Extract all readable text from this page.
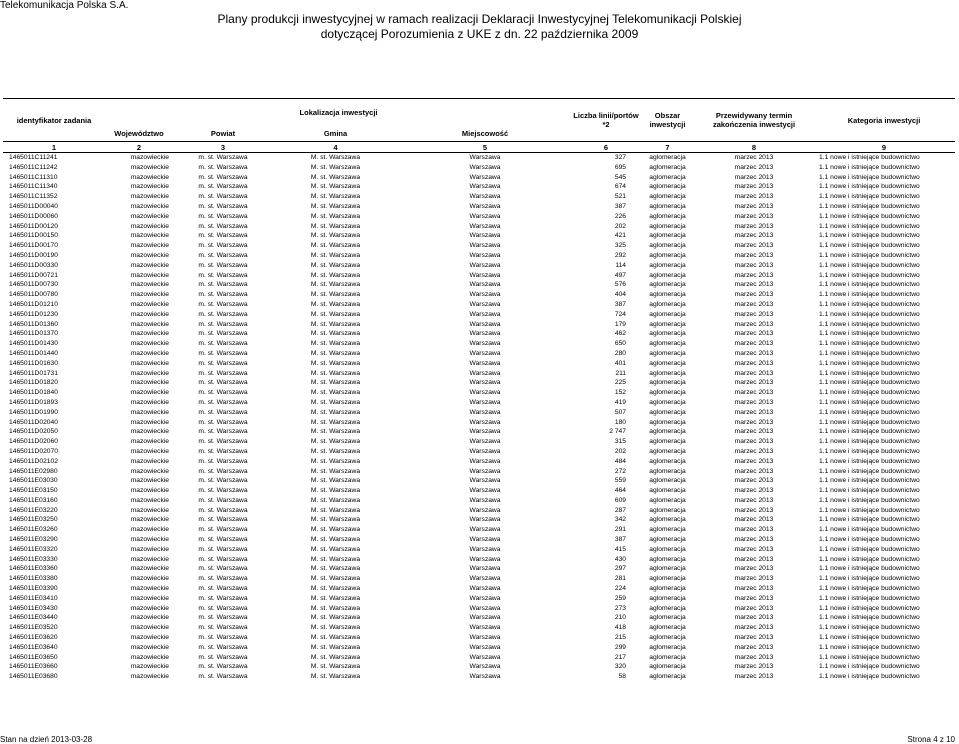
Telekomunikacja Polska S.A.
Plany produkcji inwestycyjnej w ramach realizacji Deklaracji Inwestycyjnej Telekomunikacji Polskiej
dotyczącej Porozumienia z UKE z dn. 22 października 2009
identyfikator zadania	Lokalizacja inwestycji				Liczba linii/portów *2	Obszar inwestycji	Przewidywany termin zakończenia inwestycji	Kategoria inwestycji
	Województwo	Powiat	Gmina	Miejscowość				
1	2	3	4	5	6	7	8	9
1465011C11241	mazowieckie	m. st. Warszawa	M. st. Warszawa	Warszawa	327	aglomeracja	marzec 2013	1.1 nowe i istniejące budownictwo
1465011C11242	mazowieckie	m. st. Warszawa	M. st. Warszawa	Warszawa	695	aglomeracja	marzec 2013	1.1 nowe i istniejące budownictwo
1465011C11310	mazowieckie	m. st. Warszawa	M. st. Warszawa	Warszawa	545	aglomeracja	marzec 2013	1.1 nowe i istniejące budownictwo
1465011C11340	mazowieckie	m. st. Warszawa	M. st. Warszawa	Warszawa	674	aglomeracja	marzec 2013	1.1 nowe i istniejące budownictwo
1465011C11352	mazowieckie	m. st. Warszawa	M. st. Warszawa	Warszawa	521	aglomeracja	marzec 2013	1.1 nowe i istniejące budownictwo
1465011D00040	mazowieckie	m. st. Warszawa	M. st. Warszawa	Warszawa	387	aglomeracja	marzec 2013	1.1 nowe i istniejące budownictwo
1465011D00060	mazowieckie	m. st. Warszawa	M. st. Warszawa	Warszawa	226	aglomeracja	marzec 2013	1.1 nowe i istniejące budownictwo
1465011D00120	mazowieckie	m. st. Warszawa	M. st. Warszawa	Warszawa	202	aglomeracja	marzec 2013	1.1 nowe i istniejące budownictwo
1465011D00150	mazowieckie	m. st. Warszawa	M. st. Warszawa	Warszawa	421	aglomeracja	marzec 2013	1.1 nowe i istniejące budownictwo
1465011D00170	mazowieckie	m. st. Warszawa	M. st. Warszawa	Warszawa	325	aglomeracja	marzec 2013	1.1 nowe i istniejące budownictwo
1465011D00190	mazowieckie	m. st. Warszawa	M. st. Warszawa	Warszawa	292	aglomeracja	marzec 2013	1.1 nowe i istniejące budownictwo
1465011D00330	mazowieckie	m. st. Warszawa	M. st. Warszawa	Warszawa	114	aglomeracja	marzec 2013	1.1 nowe i istniejące budownictwo
1465011D00721	mazowieckie	m. st. Warszawa	M. st. Warszawa	Warszawa	497	aglomeracja	marzec 2013	1.1 nowe i istniejące budownictwo
1465011D00730	mazowieckie	m. st. Warszawa	M. st. Warszawa	Warszawa	576	aglomeracja	marzec 2013	1.1 nowe i istniejące budownictwo
1465011D00780	mazowieckie	m. st. Warszawa	M. st. Warszawa	Warszawa	404	aglomeracja	marzec 2013	1.1 nowe i istniejące budownictwo
1465011D01210	mazowieckie	m. st. Warszawa	M. st. Warszawa	Warszawa	387	aglomeracja	marzec 2013	1.1 nowe i istniejące budownictwo
1465011D01230	mazowieckie	m. st. Warszawa	M. st. Warszawa	Warszawa	724	aglomeracja	marzec 2013	1.1 nowe i istniejące budownictwo
1465011D01360	mazowieckie	m. st. Warszawa	M. st. Warszawa	Warszawa	179	aglomeracja	marzec 2013	1.1 nowe i istniejące budownictwo
1465011D01370	mazowieckie	m. st. Warszawa	M. st. Warszawa	Warszawa	462	aglomeracja	marzec 2013	1.1 nowe i istniejące budownictwo
1465011D01430	mazowieckie	m. st. Warszawa	M. st. Warszawa	Warszawa	650	aglomeracja	marzec 2013	1.1 nowe i istniejące budownictwo
1465011D01440	mazowieckie	m. st. Warszawa	M. st. Warszawa	Warszawa	280	aglomeracja	marzec 2013	1.1 nowe i istniejące budownictwo
1465011D01630	mazowieckie	m. st. Warszawa	M. st. Warszawa	Warszawa	401	aglomeracja	marzec 2013	1.1 nowe i istniejące budownictwo
1465011D01731	mazowieckie	m. st. Warszawa	M. st. Warszawa	Warszawa	211	aglomeracja	marzec 2013	1.1 nowe i istniejące budownictwo
1465011D01820	mazowieckie	m. st. Warszawa	M. st. Warszawa	Warszawa	225	aglomeracja	marzec 2013	1.1 nowe i istniejące budownictwo
1465011D01840	mazowieckie	m. st. Warszawa	M. st. Warszawa	Warszawa	152	aglomeracja	marzec 2013	1.1 nowe i istniejące budownictwo
1465011D01893	mazowieckie	m. st. Warszawa	M. st. Warszawa	Warszawa	419	aglomeracja	marzec 2013	1.1 nowe i istniejące budownictwo
1465011D01990	mazowieckie	m. st. Warszawa	M. st. Warszawa	Warszawa	507	aglomeracja	marzec 2013	1.1 nowe i istniejące budownictwo
1465011D02040	mazowieckie	m. st. Warszawa	M. st. Warszawa	Warszawa	180	aglomeracja	marzec 2013	1.1 nowe i istniejące budownictwo
1465011D02050	mazowieckie	m. st. Warszawa	M. st. Warszawa	Warszawa	2 747	aglomeracja	marzec 2013	1.1 nowe i istniejące budownictwo
1465011D02060	mazowieckie	m. st. Warszawa	M. st. Warszawa	Warszawa	315	aglomeracja	marzec 2013	1.1 nowe i istniejące budownictwo
1465011D02070	mazowieckie	m. st. Warszawa	M. st. Warszawa	Warszawa	202	aglomeracja	marzec 2013	1.1 nowe i istniejące budownictwo
1465011D02102	mazowieckie	m. st. Warszawa	M. st. Warszawa	Warszawa	484	aglomeracja	marzec 2013	1.1 nowe i istniejące budownictwo
1465011E02980	mazowieckie	m. st. Warszawa	M. st. Warszawa	Warszawa	272	aglomeracja	marzec 2013	1.1 nowe i istniejące budownictwo
1465011E03030	mazowieckie	m. st. Warszawa	M. st. Warszawa	Warszawa	559	aglomeracja	marzec 2013	1.1 nowe i istniejące budownictwo
1465011E03150	mazowieckie	m. st. Warszawa	M. st. Warszawa	Warszawa	464	aglomeracja	marzec 2013	1.1 nowe i istniejące budownictwo
1465011E03160	mazowieckie	m. st. Warszawa	M. st. Warszawa	Warszawa	609	aglomeracja	marzec 2013	1.1 nowe i istniejące budownictwo
1465011E03220	mazowieckie	m. st. Warszawa	M. st. Warszawa	Warszawa	287	aglomeracja	marzec 2013	1.1 nowe i istniejące budownictwo
1465011E03250	mazowieckie	m. st. Warszawa	M. st. Warszawa	Warszawa	342	aglomeracja	marzec 2013	1.1 nowe i istniejące budownictwo
1465011E03260	mazowieckie	m. st. Warszawa	M. st. Warszawa	Warszawa	291	aglomeracja	marzec 2013	1.1 nowe i istniejące budownictwo
1465011E03290	mazowieckie	m. st. Warszawa	M. st. Warszawa	Warszawa	387	aglomeracja	marzec 2013	1.1 nowe i istniejące budownictwo
1465011E03320	mazowieckie	m. st. Warszawa	M. st. Warszawa	Warszawa	415	aglomeracja	marzec 2013	1.1 nowe i istniejące budownictwo
1465011E03330	mazowieckie	m. st. Warszawa	M. st. Warszawa	Warszawa	430	aglomeracja	marzec 2013	1.1 nowe i istniejące budownictwo
1465011E03360	mazowieckie	m. st. Warszawa	M. st. Warszawa	Warszawa	297	aglomeracja	marzec 2013	1.1 nowe i istniejące budownictwo
1465011E03380	mazowieckie	m. st. Warszawa	M. st. Warszawa	Warszawa	281	aglomeracja	marzec 2013	1.1 nowe i istniejące budownictwo
1465011E03390	mazowieckie	m. st. Warszawa	M. st. Warszawa	Warszawa	224	aglomeracja	marzec 2013	1.1 nowe i istniejące budownictwo
1465011E03410	mazowieckie	m. st. Warszawa	M. st. Warszawa	Warszawa	259	aglomeracja	marzec 2013	1.1 nowe i istniejące budownictwo
1465011E03430	mazowieckie	m. st. Warszawa	M. st. Warszawa	Warszawa	273	aglomeracja	marzec 2013	1.1 nowe i istniejące budownictwo
1465011E03440	mazowieckie	m. st. Warszawa	M. st. Warszawa	Warszawa	210	aglomeracja	marzec 2013	1.1 nowe i istniejące budownictwo
1465011E03520	mazowieckie	m. st. Warszawa	M. st. Warszawa	Warszawa	418	aglomeracja	marzec 2013	1.1 nowe i istniejące budownictwo
1465011E03620	mazowieckie	m. st. Warszawa	M. st. Warszawa	Warszawa	215	aglomeracja	marzec 2013	1.1 nowe i istniejące budownictwo
1465011E03640	mazowieckie	m. st. Warszawa	M. st. Warszawa	Warszawa	299	aglomeracja	marzec 2013	1.1 nowe i istniejące budownictwo
1465011E03650	mazowieckie	m. st. Warszawa	M. st. Warszawa	Warszawa	217	aglomeracja	marzec 2013	1.1 nowe i istniejące budownictwo
1465011E03660	mazowieckie	m. st. Warszawa	M. st. Warszawa	Warszawa	320	aglomeracja	marzec 2013	1.1 nowe i istniejące budownictwo
1465011E03680	mazowieckie	m. st. Warszawa	M. st. Warszawa	Warszawa	58	aglomeracja	marzec 2013	1.1 nowe i istniejące budownictwo
Stan na dzień 2013-03-28	Strona 4 z 10
